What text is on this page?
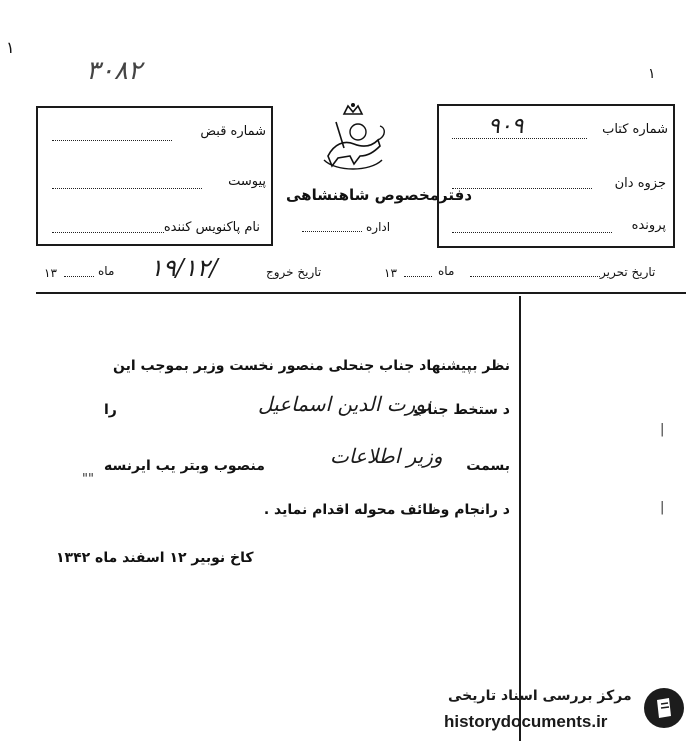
۱
۱
۳۰۸۲
شماره قبض
پیوست
نام پاکنویس کننده
دفترمخصوص شاهنشاهی
اداره
شماره کتاب
۹۰۹
جزوه دان
پرونده
۱۳	ماه ۱۹/۱۲/	تاریخ خروج	۱۳	ماه	تاریخ تحریر
|
|
""
نظر بپیشنهاد جناب جنحلی منصور نخست وزیر بموجب این
د ستخط جناب
نورت الدین اسماعیل
را
بسمت
وزیر اطلاعات
منصوب وبتر یب ایرنسه
د رانجام وظائف محوله اقدام نماید .
کاخ نوبیر ۱۲ اسفند ماه ۱۳۴۲
مرکز بررسی اسناد تاریخی
historydocuments.ir
